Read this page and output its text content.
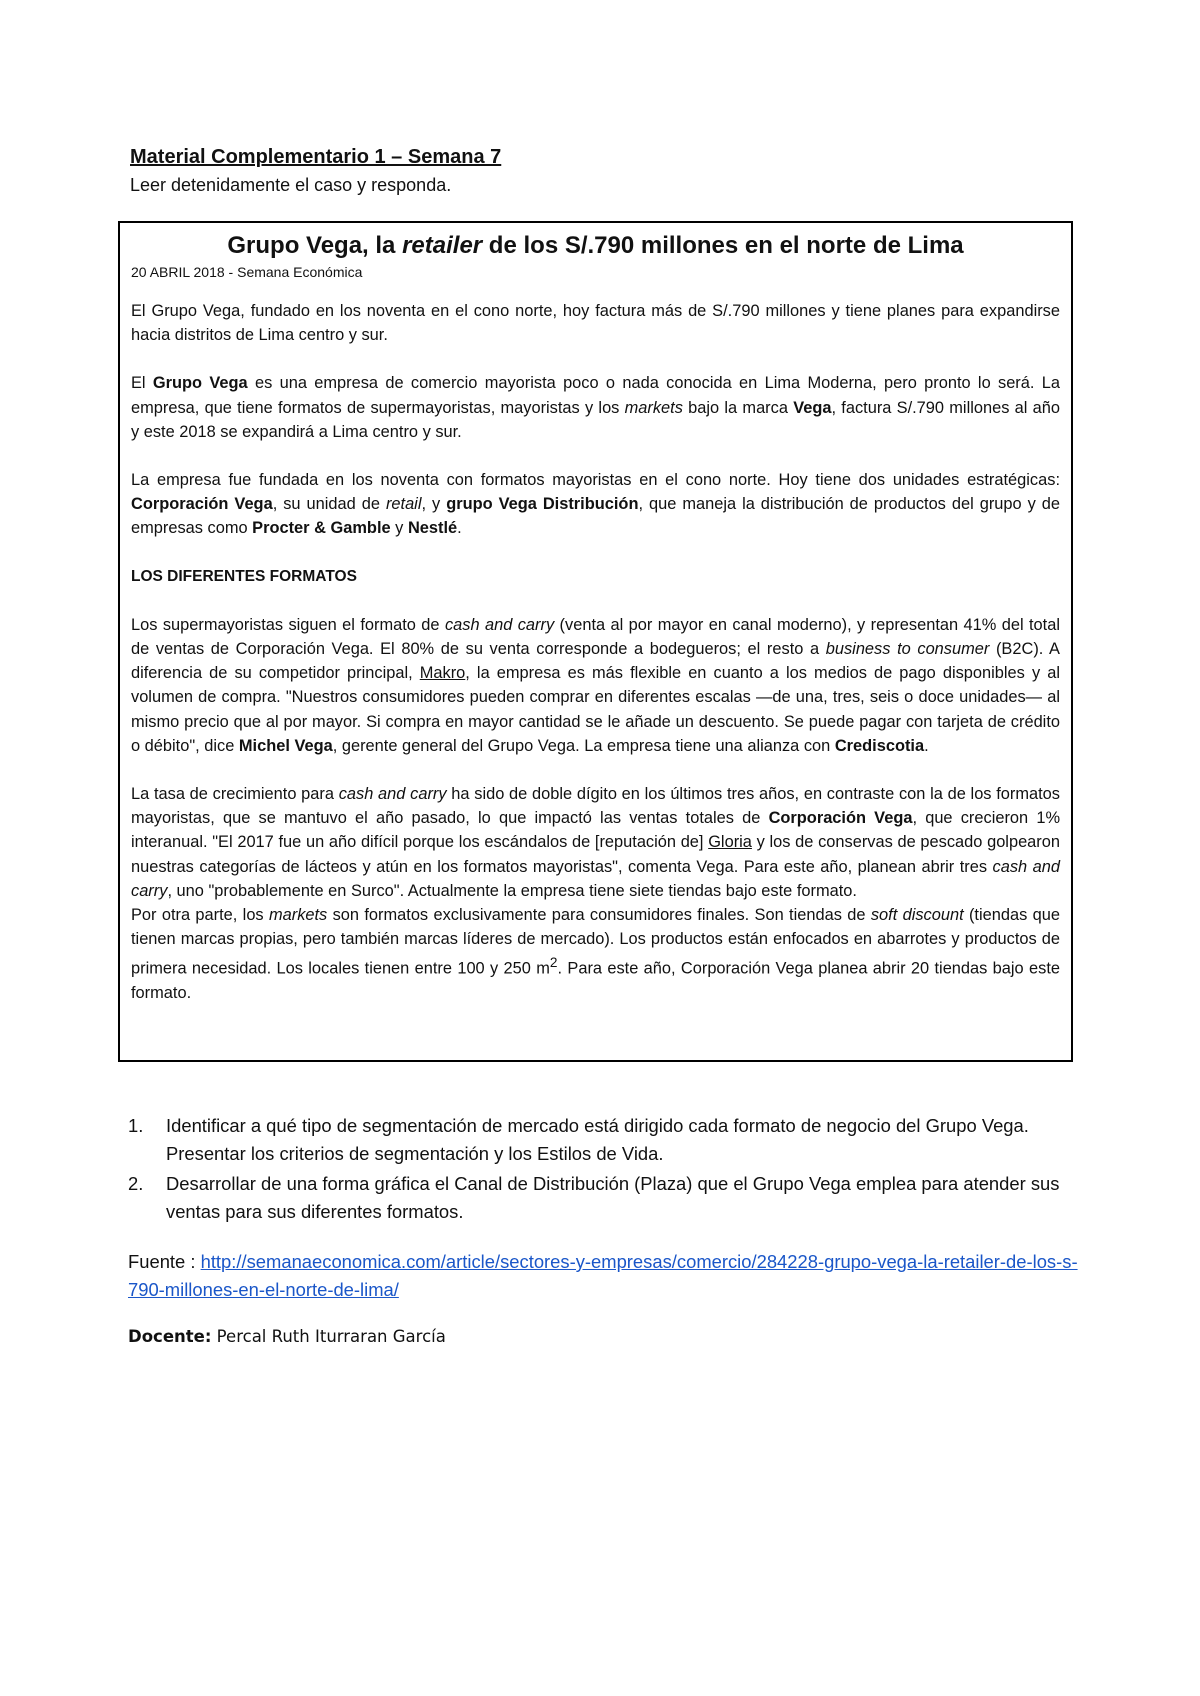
Material Complementario 1 – Semana 7

Leer detenidamente el caso y responda.

Grupo Vega, la retailer de los S/.790 millones en el norte de Lima
20 ABRIL 2018 - Semana Económica

El Grupo Vega, fundado en los noventa en el cono norte, hoy factura más de S/.790 millones y tiene planes para expandirse hacia distritos de Lima centro y sur.

El Grupo Vega es una empresa de comercio mayorista poco o nada conocida en Lima Moderna, pero pronto lo será. La empresa, que tiene formatos de supermayoristas, mayoristas y los markets bajo la marca Vega, factura S/.790 millones al año y este 2018 se expandirá a Lima centro y sur.

La empresa fue fundada en los noventa con formatos mayoristas en el cono norte. Hoy tiene dos unidades estratégicas: Corporación Vega, su unidad de retail, y grupo Vega Distribución, que maneja la distribución de productos del grupo y de empresas como Procter & Gamble y Nestlé.

LOS DIFERENTES FORMATOS

Los supermayoristas siguen el formato de cash and carry (venta al por mayor en canal moderno), y representan 41% del total de ventas de Corporación Vega. El 80% de su venta corresponde a bodegueros; el resto a business to consumer (B2C). A diferencia de su competidor principal, Makro, la empresa es más flexible en cuanto a los medios de pago disponibles y al volumen de compra. "Nuestros consumidores pueden comprar en diferentes escalas —de una, tres, seis o doce unidades— al mismo precio que al por mayor. Si compra en mayor cantidad se le añade un descuento. Se puede pagar con tarjeta de crédito o débito", dice Michel Vega, gerente general del Grupo Vega. La empresa tiene una alianza con Crediscotia.

La tasa de crecimiento para cash and carry ha sido de doble dígito en los últimos tres años, en contraste con la de los formatos mayoristas, que se mantuvo el año pasado, lo que impactó las ventas totales de Corporación Vega, que crecieron 1% interanual. "El 2017 fue un año difícil porque los escándalos de [reputación de] Gloria y los de conservas de pescado golpearon nuestras categorías de lácteos y atún en los formatos mayoristas", comenta Vega. Para este año, planean abrir tres cash and carry, uno "probablemente en Surco". Actualmente la empresa tiene siete tiendas bajo este formato.

Por otra parte, los markets son formatos exclusivamente para consumidores finales. Son tiendas de soft discount (tiendas que tienen marcas propias, pero también marcas líderes de mercado). Los productos están enfocados en abarrotes y productos de primera necesidad. Los locales tienen entre 100 y 250 $m^2$. Para este año, Corporación Vega planea abrir 20 tiendas bajo este formato.

1. Identificar a qué tipo de segmentación de mercado está dirigido cada formato de negocio del Grupo Vega. Presentar los criterios de segmentación y los Estilos de Vida.
2. Desarrollar de una forma gráfica el Canal de Distribución (Plaza) que el Grupo Vega emplea para atender sus ventas para sus diferentes formatos.
Fuente : http://semanaeconomica.com/article/sectores-y-empresas/comercio/284228-grupo-vega-la-retailer-de-los-s-790-millones-en-el-norte-de-lima/
Docente: Percal Ruth Iturraran García
